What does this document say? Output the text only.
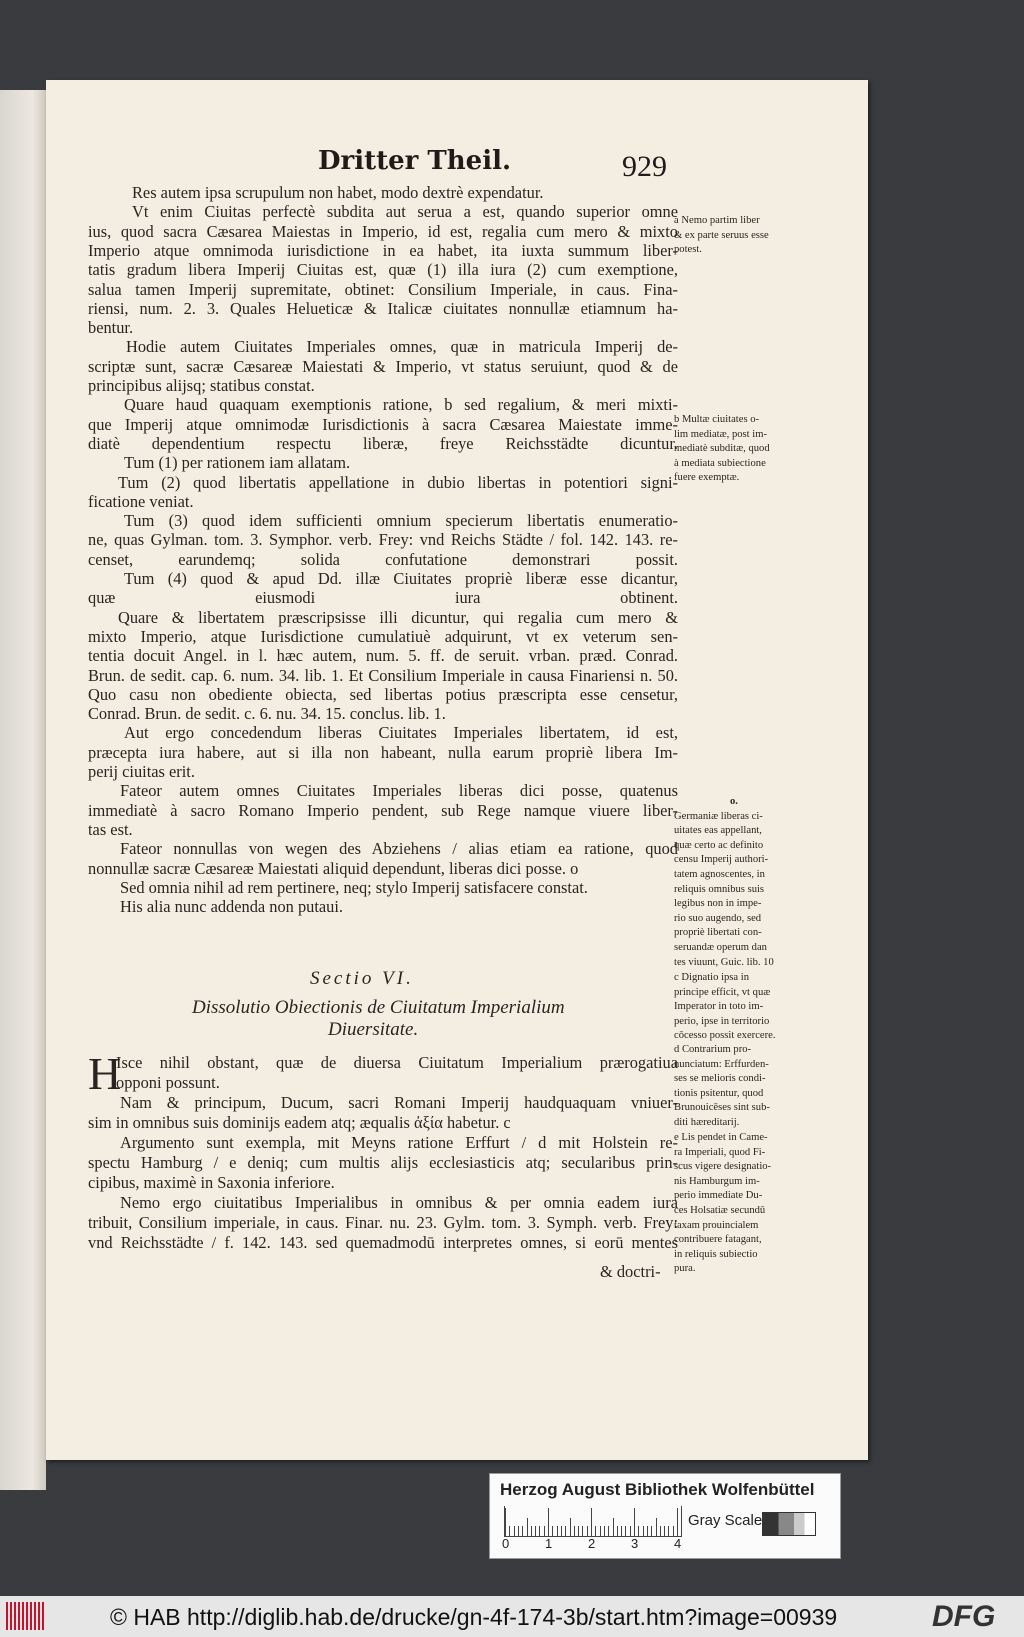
Dritter Theil.	929
Res autem ipsa scrupulum non habet, modo dextrè expendatur.
Vt enim Ciuitas perfectè subdita aut serua a est, quando superior omne
ius, quod sacra Cæsarea Maiestas in Imperio, id est, regalia cum mero & mixto
Imperio atque omnimoda iurisdictione in ea habet, ita iuxta summum liber-
tatis gradum libera Imperij Ciuitas est, quæ (1) illa iura (2) cum exemptione,
salua tamen Imperij supremitate, obtinet: Consilium Imperiale, in caus. Fina-
riensi, num. 2. 3. Quales Helueticæ & Italicæ ciuitates nonnullæ etiamnum ha-
bentur.
Hodie autem Ciuitates Imperiales omnes, quæ in matricula Imperij de-
scriptæ sunt, sacræ Cæsareæ Maiestati & Imperio, vt status seruiunt, quod & de
principibus alijsq; statibus constat.
Quare haud quaquam exemptionis ratione, b sed regalium, & meri mixti-
que Imperij atque omnimodæ Iurisdictionis à sacra Cæsarea Maiestate imme-
diatè dependentium respectu liberæ, freye Reichsstädte dicuntur.
Tum (1) per rationem iam allatam.
Tum (2) quod libertatis appellatione in dubio libertas in potentiori signi-
ficatione veniat.
Tum (3) quod idem sufficienti omnium specierum libertatis enumeratio-
ne, quas Gylman. tom. 3. Symphor. verb. Frey: vnd Reichs Städte / fol. 142. 143. re-
censet, earundemq; solida confutatione demonstrari possit.
Tum (4) quod & apud Dd. illæ Ciuitates propriè liberæ esse dicantur,
quæ eiusmodi iura obtinent.
Quare & libertatem præscripsisse illi dicuntur, qui regalia cum mero &
mixto Imperio, atque Iurisdictione cumulatiuè adquirunt, vt ex veterum sen-
tentia docuit Angel. in l. hæc autem, num. 5. ff. de seruit. vrban. præd. Conrad.
Brun. de sedit. cap. 6. num. 34. lib. 1. Et Consilium Imperiale in causa Finariensi n. 50.
Quo casu non obediente obiecta, sed libertas potius præscripta esse censetur,
Conrad. Brun. de sedit. c. 6. nu. 34. 15. conclus. lib. 1.
Aut ergo concedendum liberas Ciuitates Imperiales libertatem, id est,
præcepta iura habere, aut si illa non habeant, nulla earum propriè libera Im-
perij ciuitas erit.
Fateor autem omnes Ciuitates Imperiales liberas dici posse, quatenus
immediatè à sacro Romano Imperio pendent, sub Rege namque viuere liber-
tas est.
Fateor nonnullas von wegen des Abziehens / alias etiam ea ratione, quod
nonnullæ sacræ Cæsareæ Maiestati aliquid dependunt, liberas dici posse. o
Sed omnia nihil ad rem pertinere, neq; stylo Imperij satisfacere constat.
His alia nunc addenda non putaui.
Sectio VI.
Dissolutio Obiectionis de Ciuitatum Imperialium
Diuersitate.
H
Isce nihil obstant, quæ de diuersa Ciuitatum Imperialium prærogatiua
opponi possunt.
Nam & principum, Ducum, sacri Romani Imperij haudquaquam vniuer-
sim in omnibus suis dominijs eadem atq; æqualis ἀξία habetur. c
Argumento sunt exempla, mit Meyns ratione Erffurt / d mit Holstein re-
spectu Hamburg / e deniq; cum multis alijs ecclesiasticis atq; secularibus prin-
cipibus, maximè in Saxonia inferiore.
Nemo ergo ciuitatibus Imperialibus in omnibus & per omnia eadem iura
tribuit, Consilium imperiale, in caus. Finar. nu. 23. Gylm. tom. 3. Symph. verb. Frey:
vnd Reichsstädte / f. 142. 143. sed quemadmodū interpretes omnes, si eorū mentes
& doctri-
a Nemo partim liber
& ex parte seruus esse
potest.
b Multæ ciuitates o-
lim mediatæ, post im-
mediatè subditæ, quod
à mediata subiectione
fuere exemptæ.
o.
Germaniæ liberas ci-
uitates eas appellant,
quæ certo ac definito
censu Imperij authori-
tatem agnoscentes, in
reliquis omnibus suis
legibus non in impe-
rio suo augendo, sed
propriè libertati con-
seruandæ operum dan
tes viuunt, Guic. lib. 10
c Dignatio ipsa in
principe efficit, vt quæ
Imperator in toto im-
perio, ipse in territorio
cōcesso possit exercere.
d Contrarium pro-
nunciatum: Erffurden-
ses se melioris condi-
tionis psitentur, quod
Brunouicēses sint sub-
diti hæreditarij.
e Lis pendet in Came-
ra Imperiali, quod Fi-
scus vigere designatio-
nis Hamburgum im-
perio immediate Du-
ces Holsatiæ secundū
taxam prouincialem
contribuere fatagant,
in reliquis subiectio
pura.
Herzog August Bibliothek Wolfenbüttel
0	1	2	3	4
Gray Scale
© HAB http://diglib.hab.de/drucke/gn-4f-174-3b/start.htm?image=00939	DFG
